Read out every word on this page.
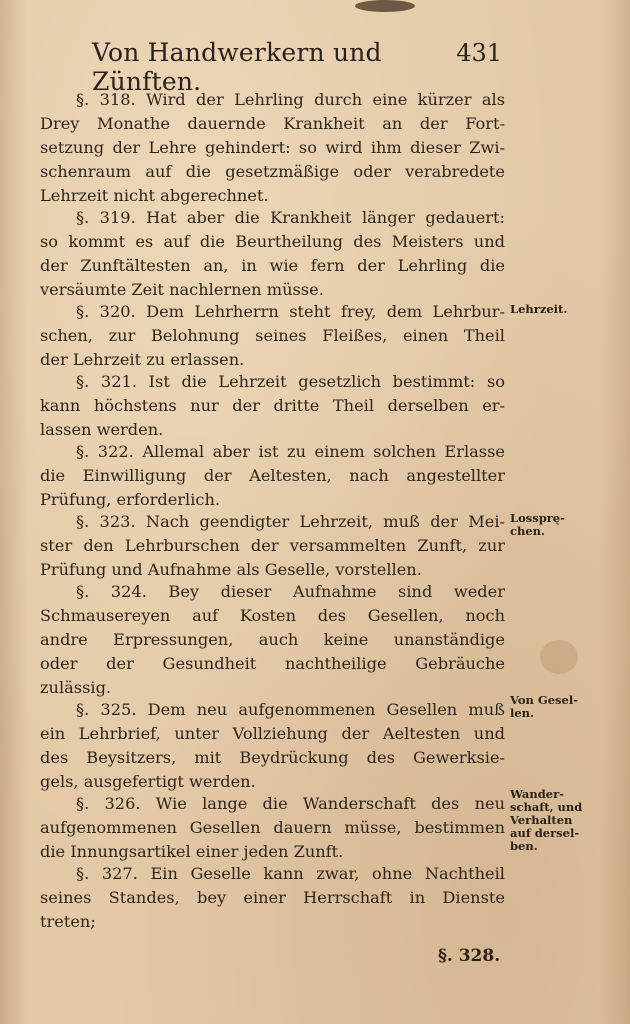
Von Handwerkern und Zünften.
431
§. 318. Wird der Lehrling durch eine kürzer als
Drey Monathe dauernde Krankheit an der Fort-
setzung der Lehre gehindert: so wird ihm dieser Zwi-
schenraum auf die gesetzmäßige oder verabredete
Lehrzeit nicht abgerechnet.
§. 319. Hat aber die Krankheit länger gedauert:
so kommt es auf die Beurtheilung des Meisters und
der Zunftältesten an, in wie fern der Lehrling die
versäumte Zeit nachlernen müsse.
§. 320. Dem Lehrherrn steht frey, dem Lehrbur-
schen, zur Belohnung seines Fleißes, einen Theil
der Lehrzeit zu erlassen.
§. 321. Ist die Lehrzeit gesetzlich bestimmt: so
kann höchstens nur der dritte Theil derselben er-
lassen werden.
§. 322. Allemal aber ist zu einem solchen Erlasse
die Einwilligung der Aeltesten, nach angestellter
Prüfung, erforderlich.
§. 323. Nach geendigter Lehrzeit, muß der Mei-
ster den Lehrburschen der versammelten Zunft, zur
Prüfung und Aufnahme als Geselle, vorstellen.
§. 324. Bey dieser Aufnahme sind weder
Schmausereyen auf Kosten des Gesellen, noch
andre Erpressungen, auch keine unanständige
oder der Gesundheit nachtheilige Gebräuche
zulässig.
§. 325. Dem neu aufgenommenen Gesellen muß
ein Lehrbrief, unter Vollziehung der Aeltesten und
des Beysitzers, mit Beydrückung des Gewerksie-
gels, ausgefertigt werden.
§. 326. Wie lange die Wanderschaft des neu
aufgenommenen Gesellen dauern müsse, bestimmen
die Innungsartikel einer jeden Zunft.
§. 327. Ein Geselle kann zwar, ohne Nachtheil
seines Standes, bey einer Herrschaft in Dienste
treten;
Lehrzeit.
Lossprę-
chen.
Von Gesel-
len.
Wander-
schaft, und
Verhalten
auf dersel-
ben.
§. 328.
